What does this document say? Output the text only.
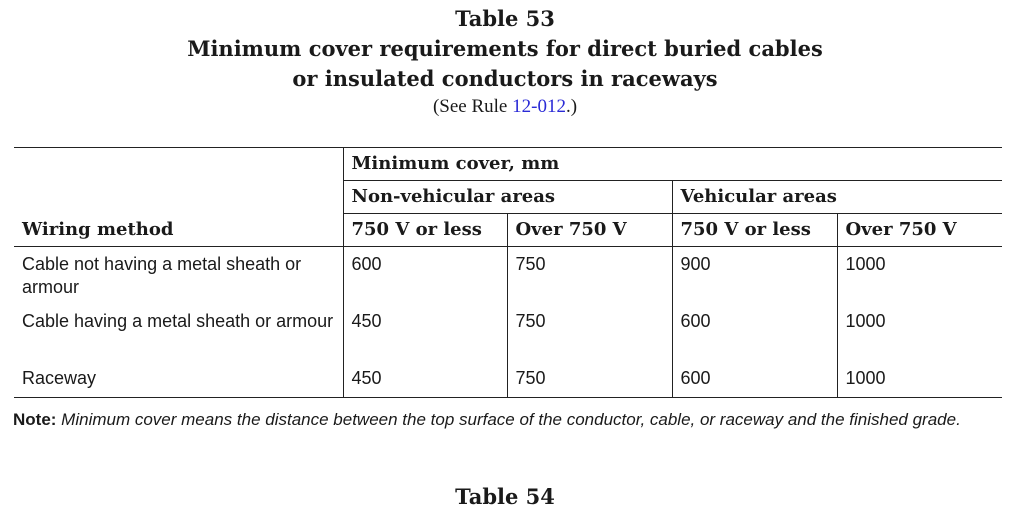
Table 53
Minimum cover requirements for direct buried cables
or insulated conductors in raceways
(See Rule 12-012.)
Wiring method	Minimum cover, mm			
	Non-vehicular areas		Vehicular areas	
	750 V or less	Over 750 V	750 V or less	Over 750 V
Cable not having a metal sheath or armour	600	750	900	1000
Cable having a metal sheath or armour	450	750	600	1000
Raceway	450	750	600	1000
Note: Minimum cover means the distance between the top surface of the conductor, cable, or raceway and the finished grade.
Table 54
